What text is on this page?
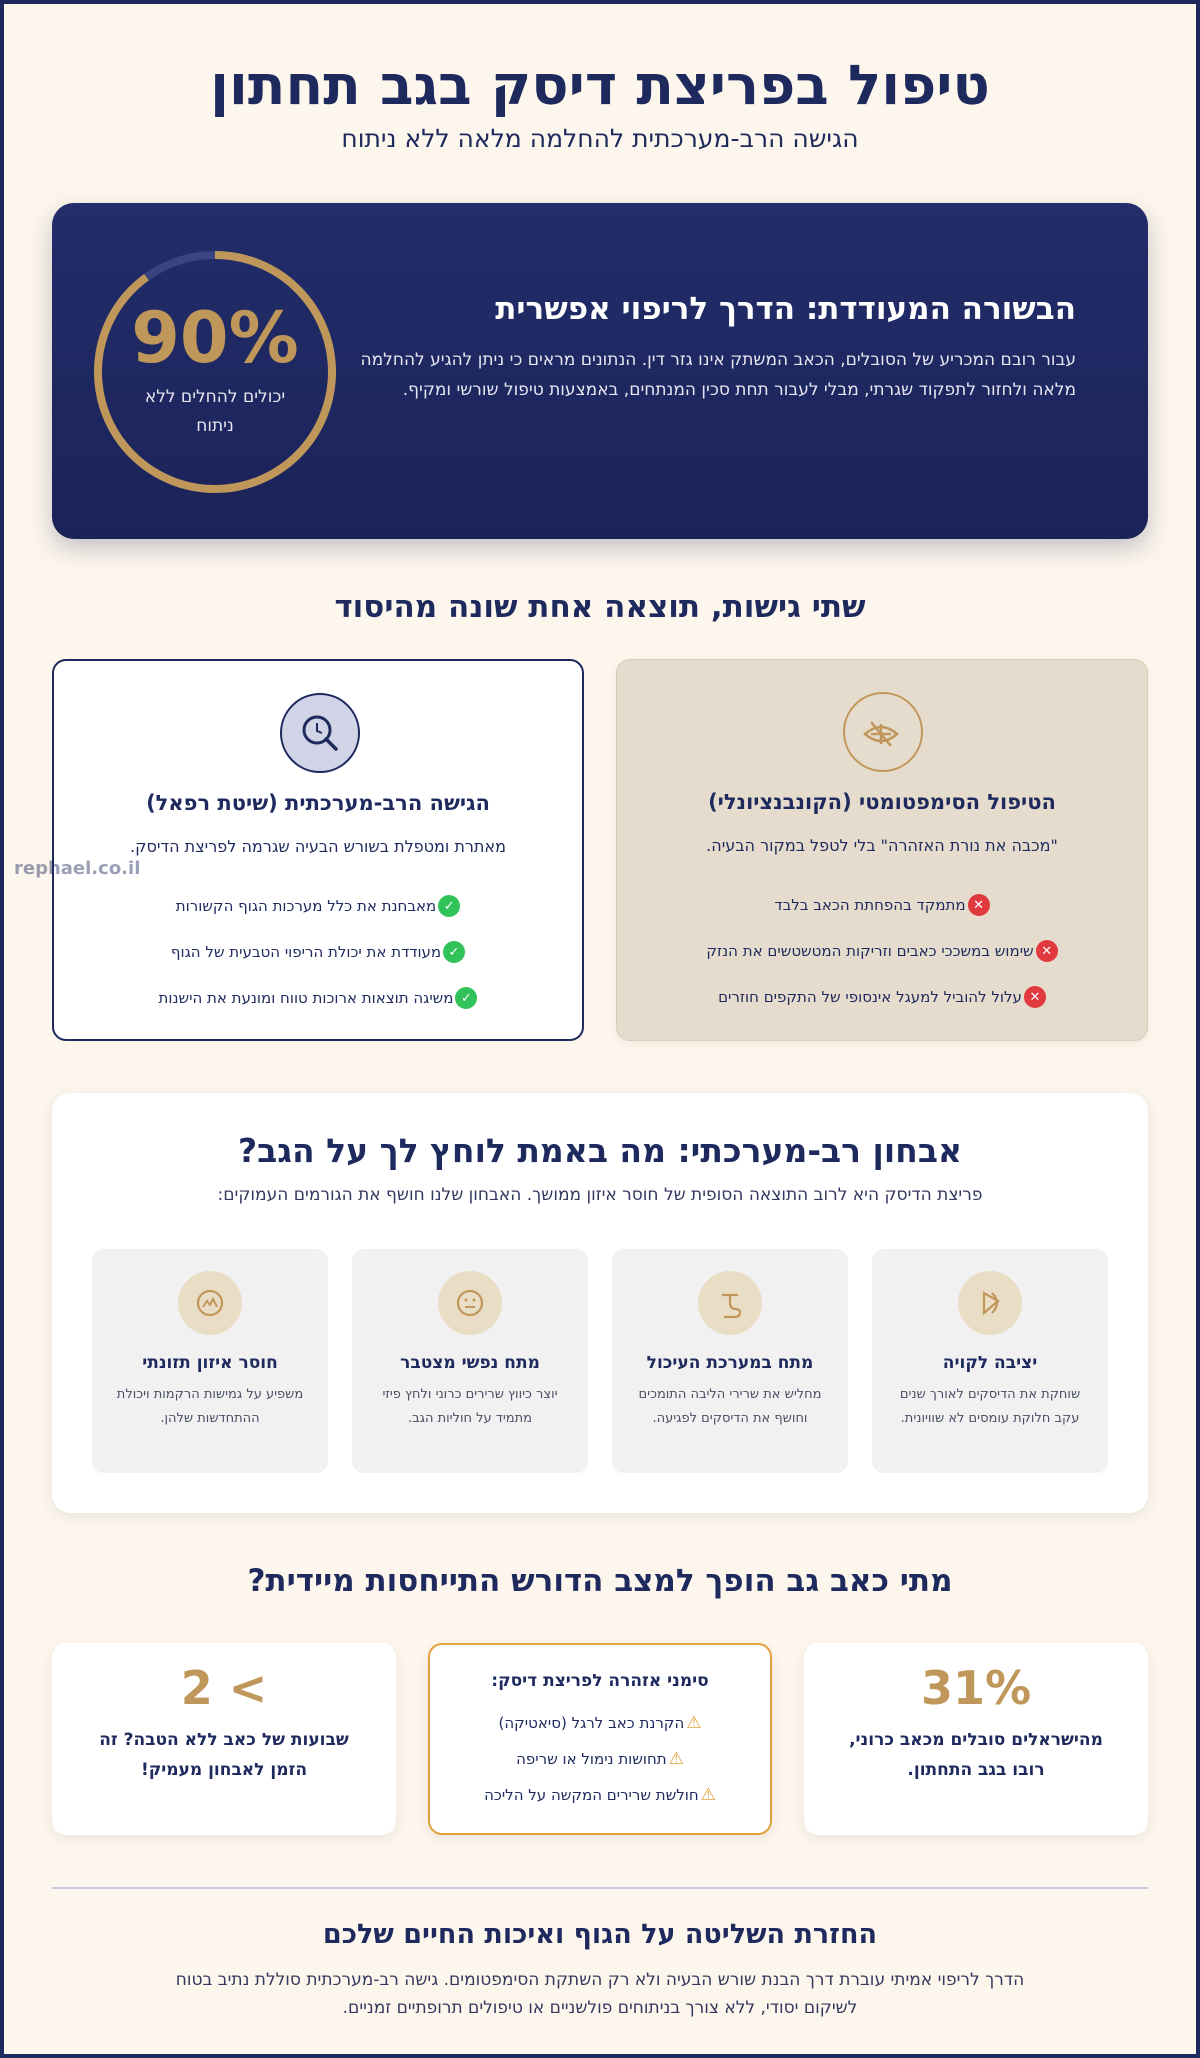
טיפול בפריצת דיסק בגב תחתון
הגישה הרב-מערכתית להחלמה מלאה ללא ניתוח
90%
יכולים להחלים ללא ניתוח
הבשורה המעודדת: הדרך לריפוי אפשרית

עבור רובם המכריע של הסובלים, הכאב המשתק אינו גזר דין. הנתונים מראים כי ניתן להגיע להחלמה מלאה ולחזור לתפקוד שגרתי, מבלי לעבור תחת סכין המנתחים, באמצעות טיפול שורשי ומקיף.

שתי גישות, תוצאה אחת שונה מהיסוד
הטיפול הסימפטומטי (הקונבנציונלי)
"מכבה את נורת האזהרה" בלי לטפל במקור הבעיה.
✕
מתמקד בהפחתת הכאב בלבד
✕
שימוש במשככי כאבים וזריקות המטשטשים את הנזק
✕
עלול להוביל למעגל אינסופי של התקפים חוזרים
הגישה הרב-מערכתית (שיטת רפאל)
מאתרת ומטפלת בשורש הבעיה שגרמה לפריצת הדיסק.
✓
מאבחנת את כלל מערכות הגוף הקשורות
✓
מעודדת את יכולת הריפוי הטבעית של הגוף
✓
משיגה תוצאות ארוכות טווח ומונעת את הישנות
אבחון רב-מערכתי: מה באמת לוחץ לך על הגב?
פריצת הדיסק היא לרוב התוצאה הסופית של חוסר איזון ממושך. האבחון שלנו חושף את הגורמים העמוקים:
יציבה לקויה
שוחקת את הדיסקים לאורך שנים עקב חלוקת עומסים לא שוויונית.
מתח במערכת העיכול
מחליש את שרירי הליבה התומכים וחושף את הדיסקים לפגיעה.
מתח נפשי מצטבר
יוצר כיווץ שרירים כרוני ולחץ פיזי מתמיד על חוליות הגב.
חוסר איזון תזונתי
משפיע על גמישות הרקמות ויכולת ההתחדשות שלהן.
מתי כאב גב הופך למצב הדורש התייחסות מיידית?
31%
מהישראלים סובלים מכאב כרוני, רובו בגב התחתון.
סימני אזהרה לפריצת דיסק:
⚠
הקרנת כאב לרגל (סיאטיקה)
⚠
תחושות נימול או שריפה
⚠
חולשת שרירים המקשה על הליכה
2 <
שבועות של כאב ללא הטבה? זה הזמן לאבחון מעמיק!
החזרת השליטה על הגוף ואיכות החיים שלכם

הדרך לריפוי אמיתי עוברת דרך הבנת שורש הבעיה ולא רק השתקת הסימפטומים. גישה רב-מערכתית סוללת נתיב בטוח לשיקום יסודי, ללא צורך בניתוחים פולשניים או טיפולים תרופתיים זמניים.

rephael.co.il
